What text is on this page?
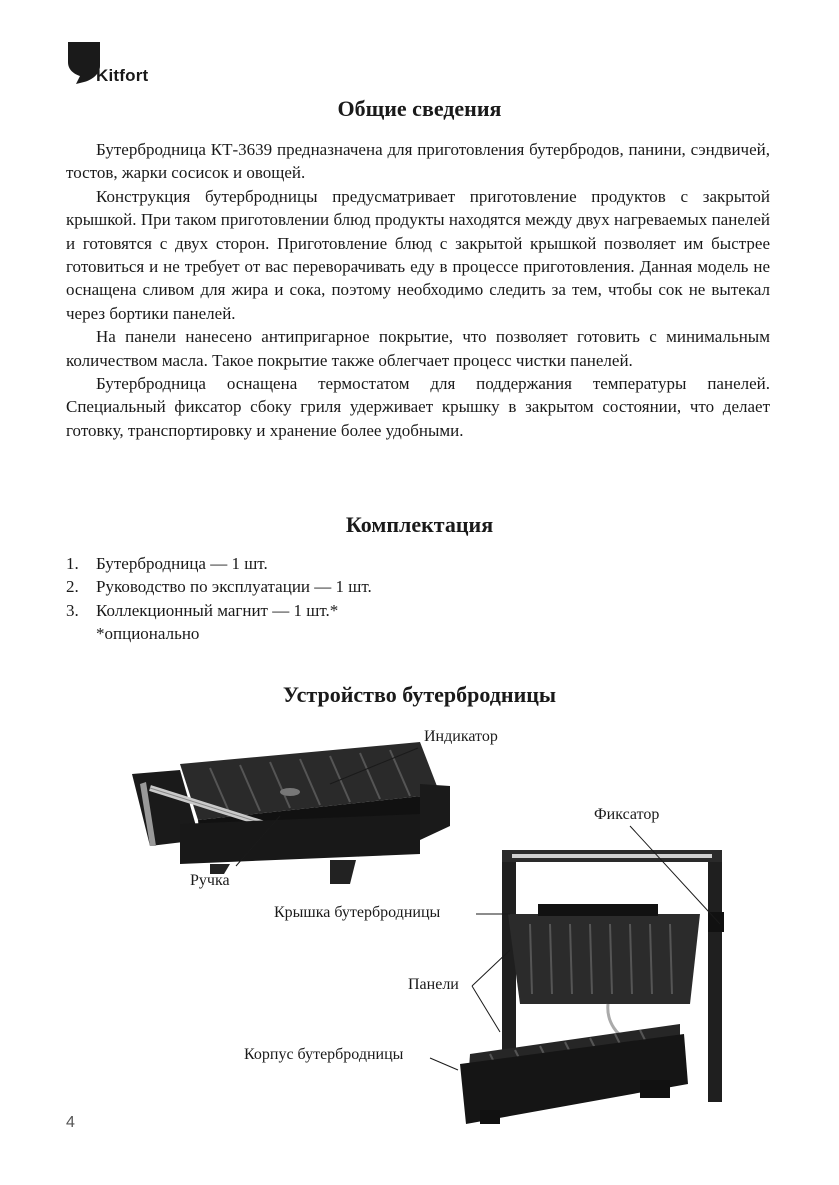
Kitfort
Общие сведения

Бутербродница КТ-3639 предназначена для приготовления бутербродов, панини, сэндвичей, тостов, жарки сосисок и овощей.

Конструкция бутербродницы предусматривает приготовление продуктов с закрытой крышкой. При таком приготовлении блюд продукты находятся между двух нагреваемых панелей и готовятся с двух сторон. Приготовление блюд с закрытой крышкой позволяет им быстрее готовиться и не требует от вас переворачивать еду в процессе приготовления. Данная модель не оснащена сливом для жира и сока, поэтому необходимо следить за тем, чтобы сок не вытекал через бортики панелей.

На панели нанесено антипригарное покрытие, что позволяет готовить с минимальным количеством масла. Такое покрытие также облегчает процесс чистки панелей.

Бутербродница оснащена термостатом для поддержания температуры панелей. Специальный фиксатор сбоку гриля удерживает крышку в закрытом состоянии, что делает готовку, транспортировку и хранение более удобными.

Комплектация
1.	Бутербродница — 1 шт.
2.	Руководство по эксплуатации — 1 шт.
3.	Коллекционный магнит — 1 шт.*
*опционально
Устройство бутербродницы
Индикатор
Фиксатор
Ручка
Крышка бутербродницы
Панели
Корпус бутербродницы
4
